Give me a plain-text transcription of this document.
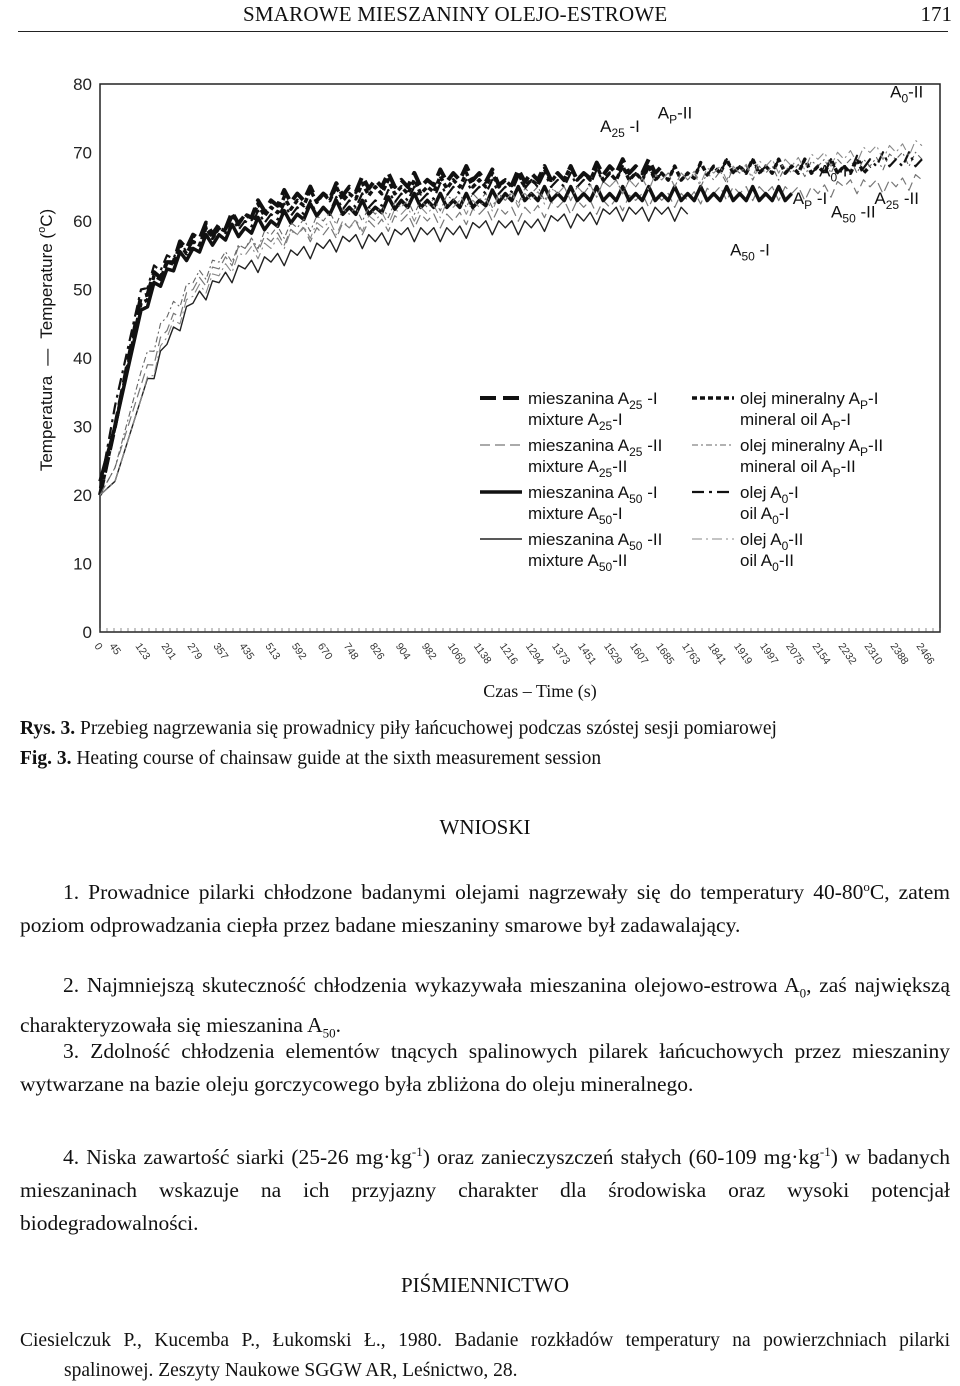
SMAROWE MIESZANINY OLEJO-ESTROWE	171
0
10
20
30
40
50
60
70
80
0 45 123 201 279 357 435 513 592 670 748 826 904 982 1060 1138 1216 1294 1373 1451 1529 1607 1685 1763 1841 1919 1997 2075 2154 2232 2310 2388 2466
$A_{25}$ -I
$A_P-II$
$A_0-II$
$A_0-I$
$A_P$ -I
$A_{50}$ -II
$A_{25}$ -II
$A_{50}$ -I
mieszanina $A_{25}$ -I
mixture $A_{25}-I$
mieszanina $A_{25}$ -II
mixture $A_{25}-II$
mieszanina $A_{50}$ -I
mixture $A_{50}-I$
mieszanina $A_{50}$ -II
mixture $A_{50}-II$
olej mineralny $A_P-I$
mineral oil $A_P-I$
olej mineralny $A_P-II$
mineral oil $A_P-II$
olej $A_0-I$
oil $A_0-I$
olej $A_0-II$
oil $A_0-II$
Temperatura—Temperature ($^o$C)
Czas – Time (s)
Rys. 3. Przebieg nagrzewania się prowadnicy piły łańcuchowej podczas szóstej sesji pomiarowej
Fig. 3. Heating course of chainsaw guide at the sixth measurement session
WNIOSKI
1. Prowadnice pilarki chłodzone badanymi olejami nagrzewały się do temperatury 40-80$^o$C, zatem poziom odprowadzania ciepła przez badane mieszaniny smarowe był zadawalający.
2. Najmniejszą skuteczność chłodzenia wykazywała mieszanina olejowo-estrowa $A_0$, zaś największą charakteryzowała się mieszanina $A_{50}$.
3. Zdolność chłodzenia elementów tnących spalinowych pilarek łańcuchowych przez mieszaniny wytwarzane na bazie oleju gorczycowego była zbliżona do oleju mineralnego.
4. Niska zawartość siarki (25-26 $mg\cdot kg^{-1}$) oraz zanieczyszczeń stałych (60-109 $mg\cdot kg^{-1}$) w badanych mieszaninach wskazuje na ich przyjazny charakter dla środowiska oraz wysoki potencjał biodegradowalności.
PIŚMIENNICTWO
Ciesielczuk P., Kucemba P., Łukomski Ł., 1980. Badanie rozkładów temperatury na powierzchniach pilarki spalinowej. Zeszyty Naukowe SGGW AR, Leśnictwo, 28.
